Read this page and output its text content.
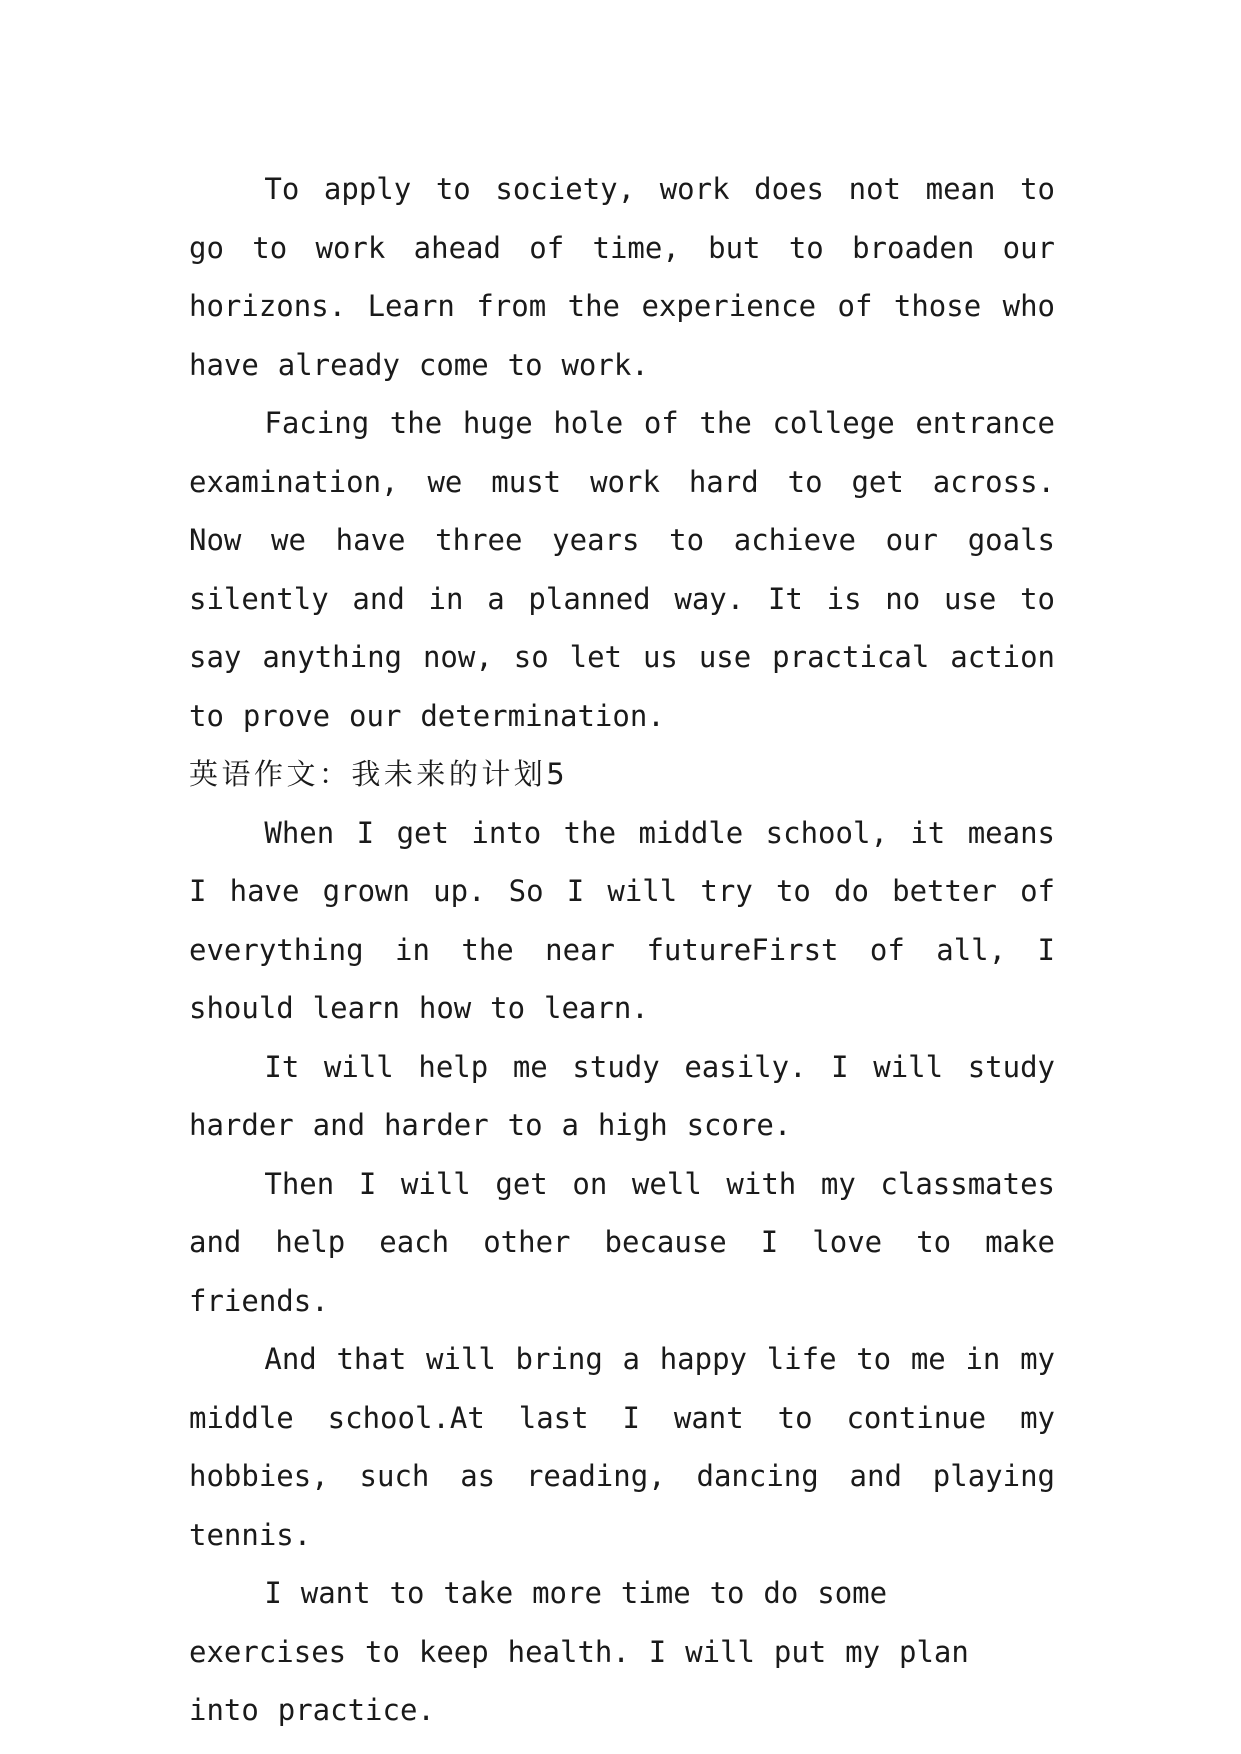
To apply to society, work does not mean to go to work ahead of time, but to broaden our horizons. Learn from the experience of those who have already come to work.

Facing the huge hole of the college entrance examination, we must work hard to get across. Now we have three years to achieve our goals silently and in a planned way. It is no use to say anything now, so let us use practical action to prove our determination.

英语作文：我未来的计划5

When I get into the middle school, it means I have grown up. So I will try to do better of everything in the near futureFirst of all, I should learn how to learn.

It will help me study easily. I will study harder and harder to a high score.

Then I will get on well with my classmates and help each other because I love to make friends.

And that will bring a happy life to me in my middle school.At last I want to continue my hobbies, such as reading, dancing and playing tennis.

I want to take more time to do some exercises to keep health. I will put my plan into practice.
